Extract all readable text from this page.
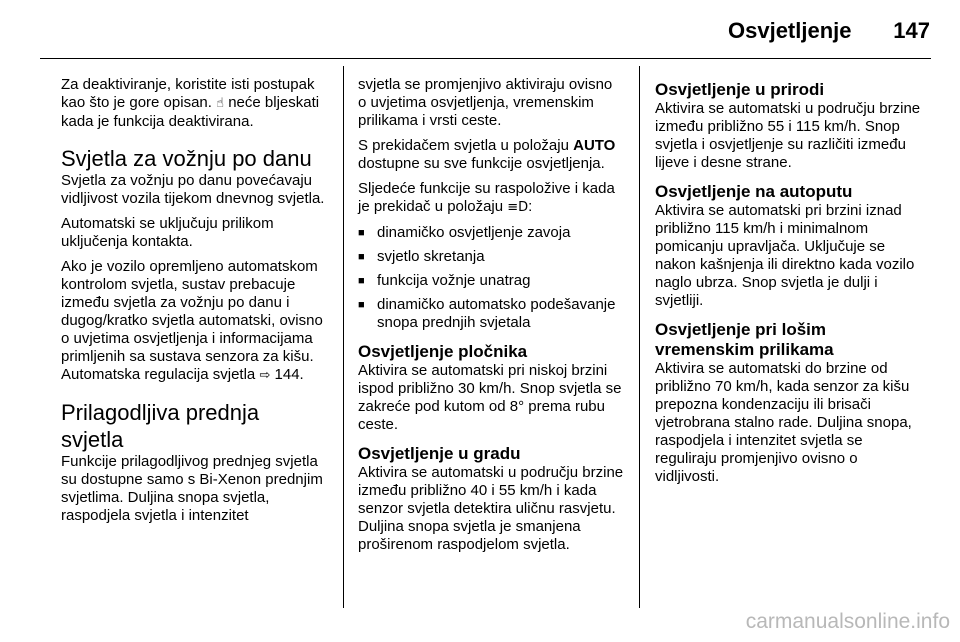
Osvjetljenje	147

Za deaktiviranje, koristite isti postupak kao što je gore opisan. ☝ neće bljeskati kada je funkcija deaktivirana.

Svjetla za vožnju po danu

Svjetla za vožnju po danu povećavaju vidljivost vozila tijekom dnevnog svjetla.

Automatski se uključuju prilikom uključenja kontakta.

Ako je vozilo opremljeno automatskom kontrolom svjetla, sustav prebacuje između svjetla za vožnju po danu i dugog/kratko svjetla automatski, ovisno o uvjetima osvjetljenja i informacijama primljenih sa sustava senzora za kišu. Automatska regulacija svjetla ⇨ 144.

Prilagodljiva prednja svjetla

Funkcije prilagodljivog prednjeg svjetla su dostupne samo s Bi-Xenon prednjim svjetlima. Duljina snopa svjetla, raspodjela svjetla i intenzitet

svjetla se promjenjivo aktiviraju ovisno o uvjetima osvjetljenja, vremenskim prilikama i vrsti ceste.

S prekidačem svjetla u položaju AUTO dostupne su sve funkcije osvjetljenja.

Sljedeće funkcije su raspoložive i kada je prekidač u položaju ≡D:

■ dinamičko osvjetljenje zavoja
■ svjetlo skretanja
■ funkcija vožnje unatrag
■ dinamičko automatsko podešavanje snopa prednjih svjetala
Osvjetljenje pločnika

Aktivira se automatski pri niskoj brzini ispod približno 30 km/h. Snop svjetla se zakreće pod kutom od 8° prema rubu ceste.

Osvjetljenje u gradu

Aktivira se automatski u području brzine između približno 40 i 55 km/h i kada senzor svjetla detektira uličnu rasvjetu. Duljina snopa svjetla je smanjena proširenom raspodjelom svjetla.

Osvjetljenje u prirodi

Aktivira se automatski u području brzine između približno 55 i 115 km/h. Snop svjetla i osvjetljenje su različiti između lijeve i desne strane.

Osvjetljenje na autoputu

Aktivira se automatski pri brzini iznad približno 115 km/h i minimalnom pomicanju upravljača. Uključuje se nakon kašnjenja ili direktno kada vozilo naglo ubrza. Snop svjetla je dulji i svjetliji.

Osvjetljenje pri lošim vremenskim prilikama

Aktivira se automatski do brzine od približno 70 km/h, kada senzor za kišu prepozna kondenzaciju ili brisači vjetrobrana stalno rade. Duljina snopa, raspodjela i intenzitet svjetla se reguliraju promjenjivo ovisno o vidljivosti.

carmanualsonline.info
